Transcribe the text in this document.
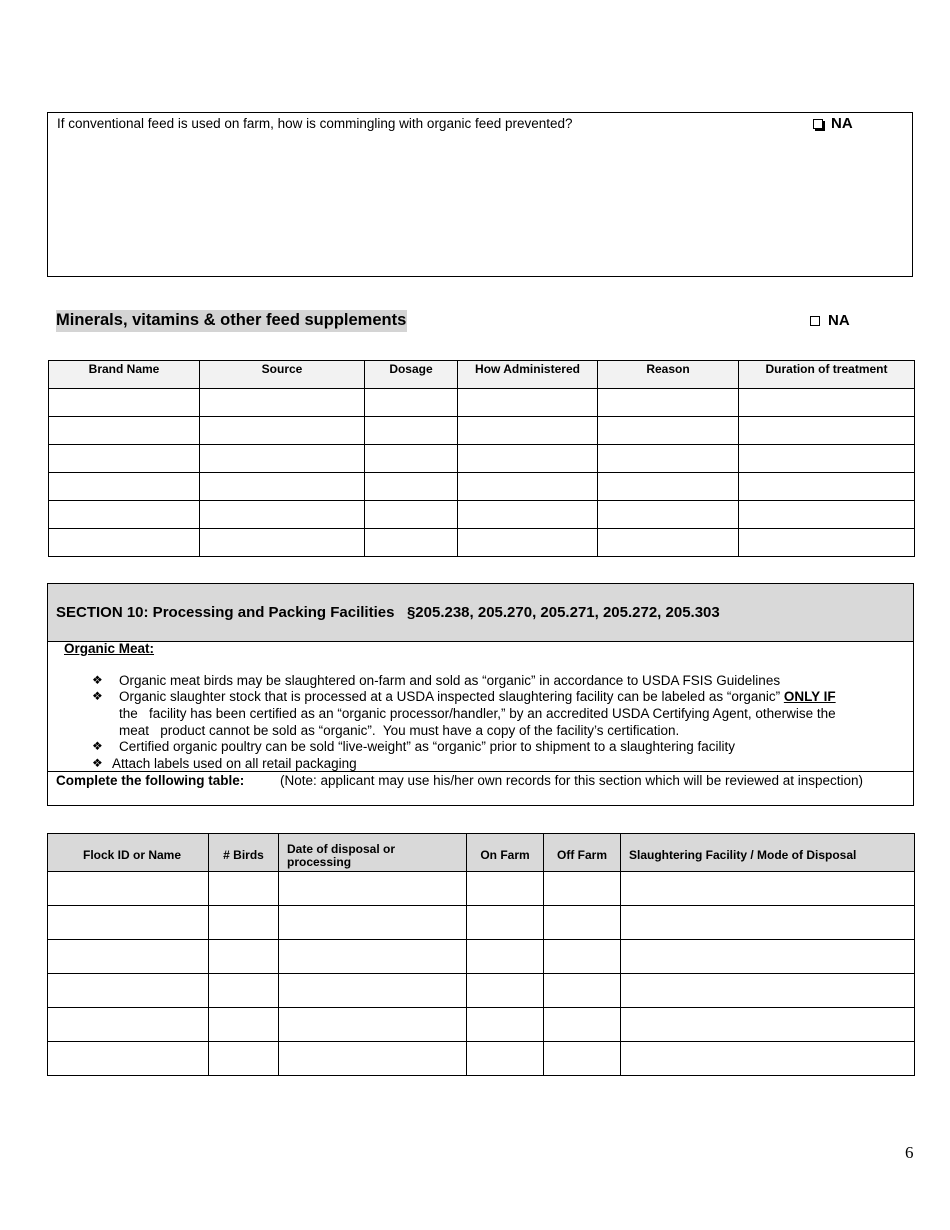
If conventional feed is used on farm, how is commingling with organic feed prevented?	NA
Minerals, vitamins & other feed supplements	NA
Brand Name	Source	Dosage	How Administered	Reason	Duration of treatment

SECTION 10: Processing and Packing Facilities   §205.238, 205.270, 205.271, 205.272, 205.303
Organic Meat:
❖ Organic meat birds may be slaughtered on-farm and sold as “organic” in accordance to USDA FSIS Guidelines
❖ Organic slaughter stock that is processed at a USDA inspected slaughtering facility can be labeled as “organic” ONLY IF
the   facility has been certified as an “organic processor/handler,” by an accredited USDA Certifying Agent, otherwise the
meat   product cannot be sold as “organic”.  You must have a copy of the facility’s certification.
❖ Certified organic poultry can be sold “live-weight” as “organic” prior to shipment to a slaughtering facility
❖ Attach labels used on all retail packaging
Complete the following table:	(Note: applicant may use his/her own records for this section which will be reviewed at inspection)
Flock ID or Name	# Birds	Date of disposal or processing	On Farm	Off Farm	Slaughtering Facility / Mode of Disposal

6
